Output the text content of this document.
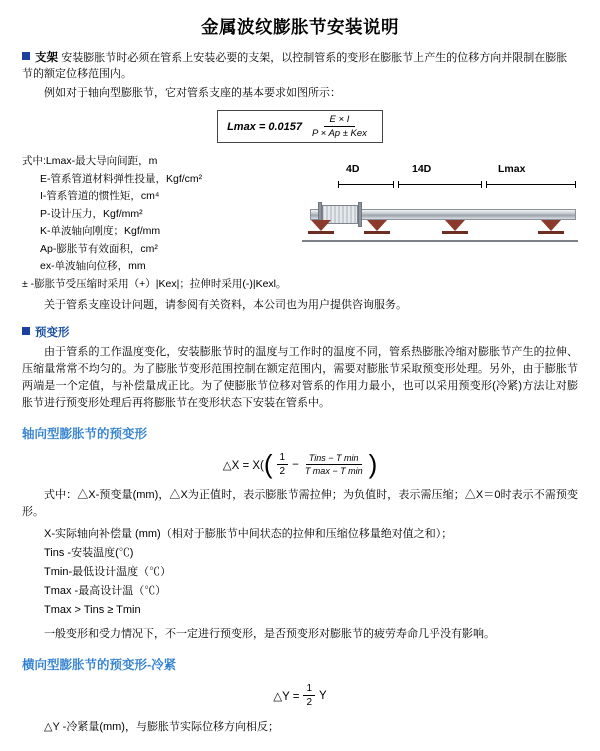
金属波纹膨胀节安装说明
支架 安装膨胀节时必须在管系上安装必要的支架，以控制管系的变形在膨胀节上产生的位移方向并限制在膨胀节的额定位移范围内。

例如对于轴向型膨胀节，它对管系支座的基本要求如图所示：

$Lmax = 0.0157 \frac{E \times I}{\text{P × Ap ± Kex}}$
式中:Lmax-最大导向间距，m
E-管系管道材料弹性投量，Kgf/cm²
I-管系管道的惯性矩，cm⁴
P-设计压力，Kgf/mm²
K-单波轴向刚度；Kgf/mm
Ap-膨胀节有效面积，cm²
ex-单波轴向位移，mm
± -膨胀节受压缩时采用（+）|Kex|；拉伸时采用(-)|Kexl。
4D	14D	Lmax

关于管系支座设计问题，请参阅有关资料，本公司也为用户提供咨询服务。

预变形

由于管系的工作温度变化，安装膨胀节时的温度与工作时的温度不同，管系热膨胀冷缩对膨胀节产生的拉伸、压缩量常常不均匀的。为了膨胀节变形范围控制在额定范围内，需要对膨胀节采取预变形处理。另外，由于膨胀节两端是一个定值，与补偿量成正比。为了使膨胀节位移对管系的作用力最小，也可以采用预变形(冷紧)方法让对膨胀节进行预变形处理后再将膨胀节在变形状态下安装在管系中。

轴向型膨胀节的预变形
△X = X( ( $\frac{1}{2} - \frac{\text{Tins − T min}}{\text{T max − T min}}$ )

式中：△X-预变量(mm)，△X为正值时，表示膨胀节需拉伸；为负值时，表示需压缩；△X＝0时表示不需预变形。

X-实际轴向补偿量 (mm)（相对于膨胀节中间状态的拉伸和压缩位移量绝对值之和）；
Tins -安装温度(℃)
Tmin-最低设计温度（℃）
Tmax -最高设计温（℃）
Tmax > Tins ≥ Tmin

一般变形和受力情况下，不一定进行预变形，是否预变形对膨胀节的疲劳寿命几乎没有影响。

横向型膨胀节的预变形-冷紧
△Y = $\frac{1}{2}$ Y
△Y -冷紧量(mm)，与膨胀节实际位移方向相反；
